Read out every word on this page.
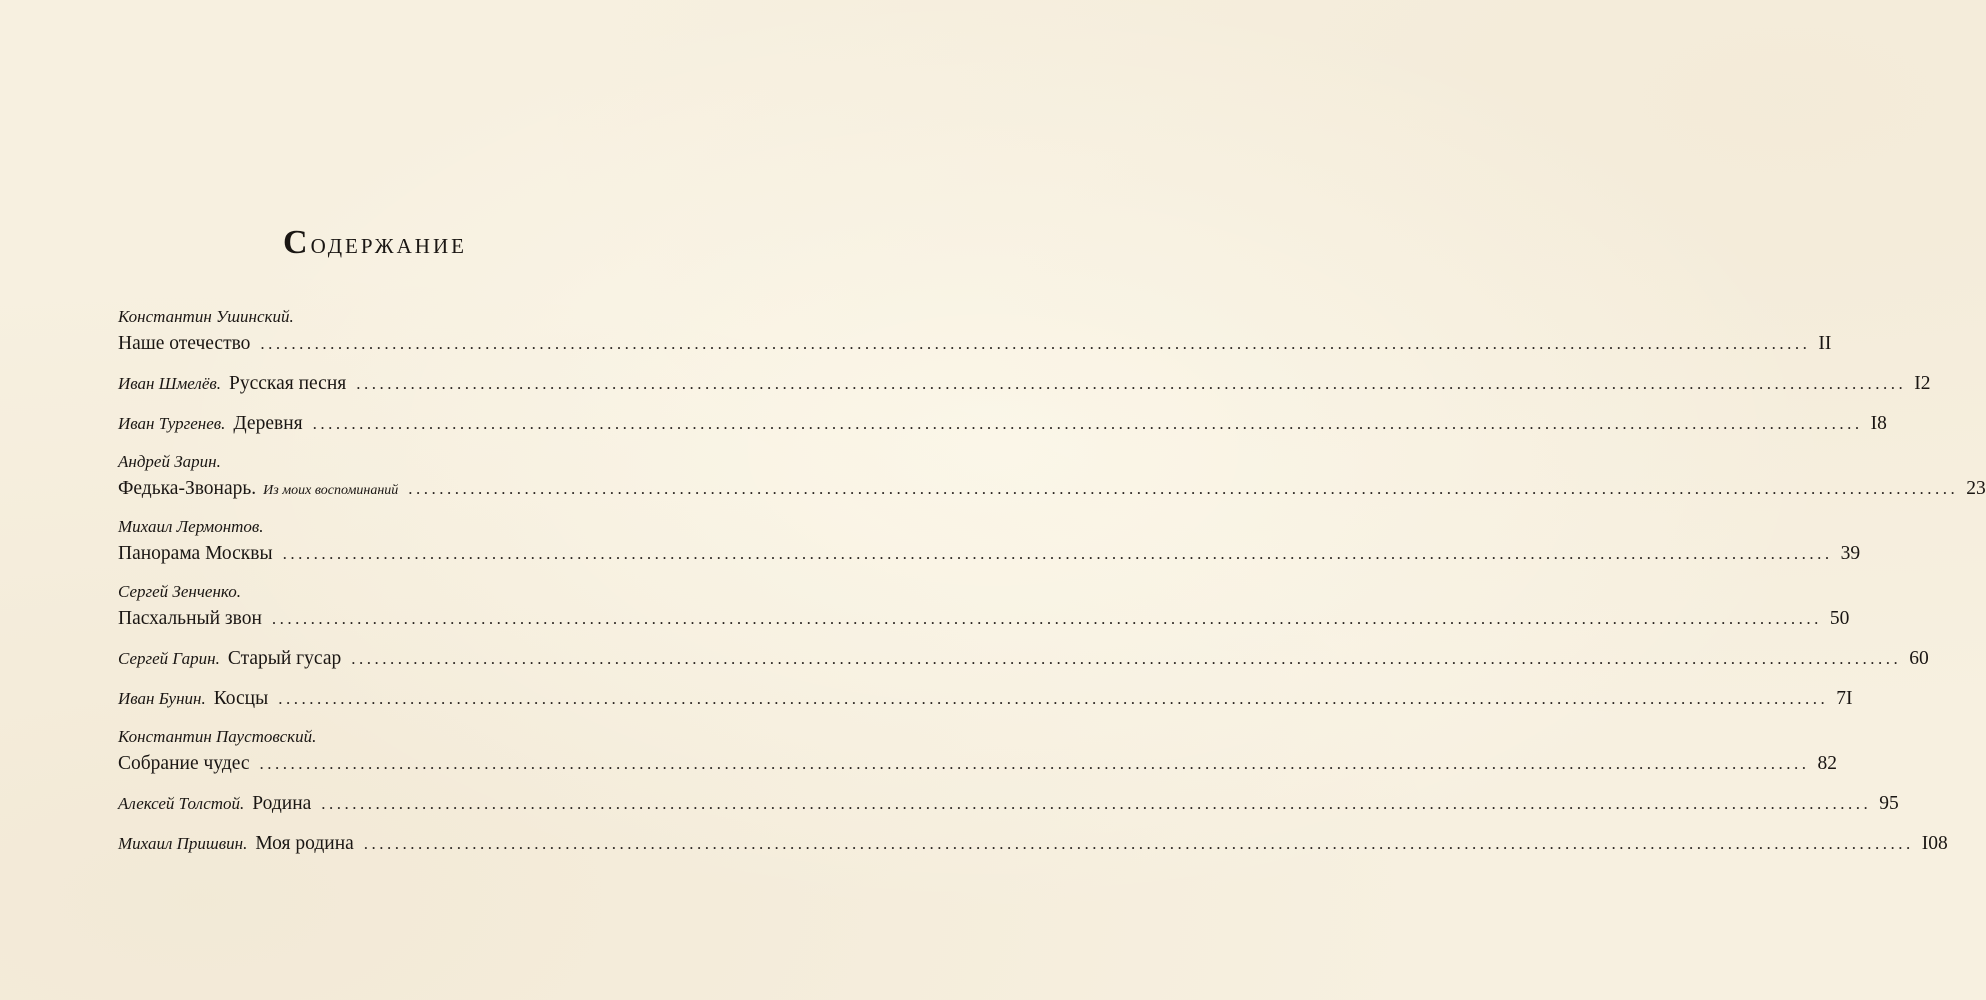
Содержание
Константин Ушинский.
Наше отечество ........................................................................................................................................................................................................ II
Иван Шмелёв. Русская песня ........................................................................................................................................................................................................ I2
Иван Тургенев. Деревня ........................................................................................................................................................................................................ I8
Андрей Зарин.
Федька-Звонарь. Из моих воспоминаний ........................................................................................................................................................................................................ 23
Михаил Лермонтов.
Панорама Москвы ........................................................................................................................................................................................................ 39
Сергей Зенченко.
Пасхальный звон ........................................................................................................................................................................................................ 50
Сергей Гарин. Старый гусар ........................................................................................................................................................................................................ 60
Иван Бунин. Косцы ........................................................................................................................................................................................................ 7I
Константин Паустовский.
Собрание чудес ........................................................................................................................................................................................................ 82
Алексей Толстой. Родина ........................................................................................................................................................................................................ 95
Михаил Пришвин. Моя родина ........................................................................................................................................................................................................ I08
